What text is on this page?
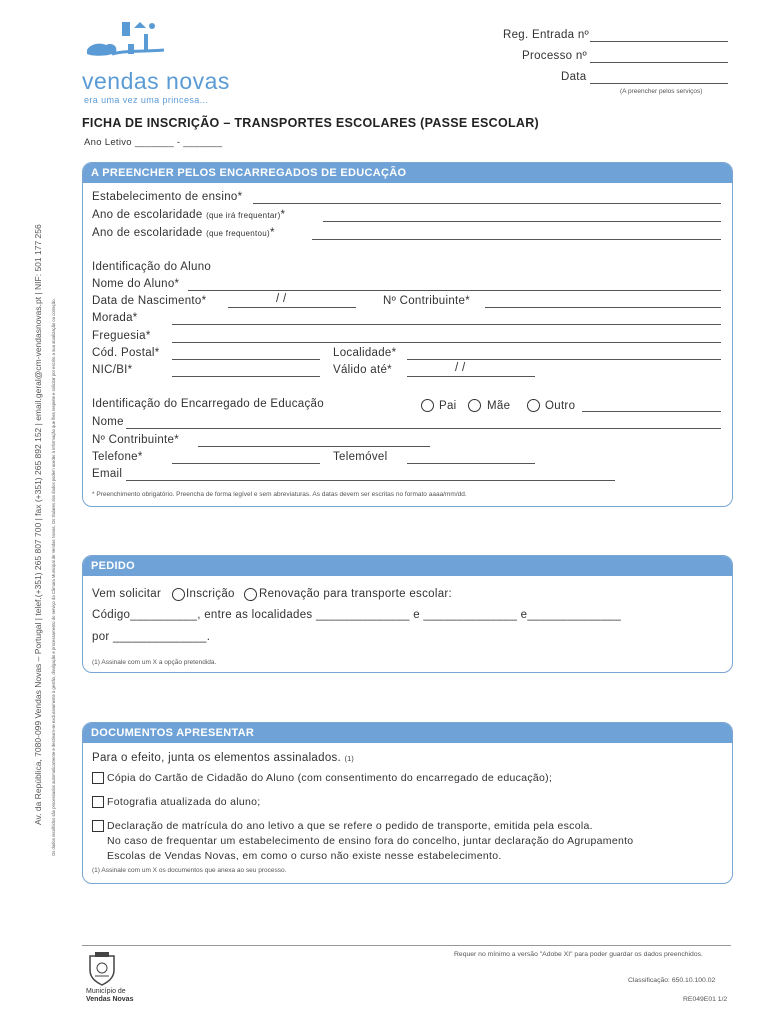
vendas novas
era uma vez uma princesa...
Reg. Entrada nº
Processo nº
Data
(A preencher pelos serviços)
FICHA DE INSCRIÇÃO – TRANSPORTES ESCOLARES (PASSE ESCOLAR)
Ano Letivo _______ - _______
Av. da República, 7080-099 Vendas Novas – Portugal | telef.(+351) 265 807 700 | fax (+351) 265 892 152 | email.geral@cm-vendasnovas.pt | NIF: 501 177 256 Os dados recolhidos são processados automaticamente e destinam-se exclusivamente à gestão, divulgação e processamento do serviço da Câmara Municipal de Vendas Novas. Os titulares dos dados podem aceder à informação que lhes respeite e solicitar por escrito a sua atualização ou correção.
A PREENCHER PELOS ENCARREGADOS DE EDUCAÇÃO
Estabelecimento de ensino*
Ano de escolaridade (que irá frequentar)*
Ano de escolaridade (que frequentou)*
Identificação do Aluno
Nome do Aluno*
Data de Nascimento*	/ /	Nº Contribuinte*
Morada*
Freguesia*
Cód. Postal*	Localidade*
NIC/BI*	Válido até*	/ /
Identificação do Encarregado de Educação	Pai	Mãe	Outro
Nome
Nº Contribuinte*
Telefone*	Telemóvel
Email
* Preenchimento obrigatório. Preencha de forma legível e sem abreviaturas. As datas devem ser escritas no formato aaaa/mm/dd.
PEDIDO
Vem solicitar Inscrição Renovação para transporte escolar:
Código__________, entre as localidades ______________ e ______________ e______________
por ______________.
(1) Assinale com um X a opção pretendida.
DOCUMENTOS APRESENTAR
Para o efeito, junta os elementos assinalados. (1)
Cópia do Cartão de Cidadão do Aluno (com consentimento do encarregado de educação);
Fotografia atualizada do aluno;
Declaração de matrícula do ano letivo a que se refere o pedido de transporte, emitida pela escola.
No caso de frequentar um estabelecimento de ensino fora do concelho, juntar declaração do Agrupamento
Escolas de Vendas Novas, em como o curso não existe nesse estabelecimento.
(1) Assinale com um X os documentos que anexa ao seu processo.
Requer no mínimo a versão "Adobe XI" para poder guardar os dados preenchidos.
Município de
Vendas Novas
Classificação: 650.10.100.02
RE049E01 1/2
